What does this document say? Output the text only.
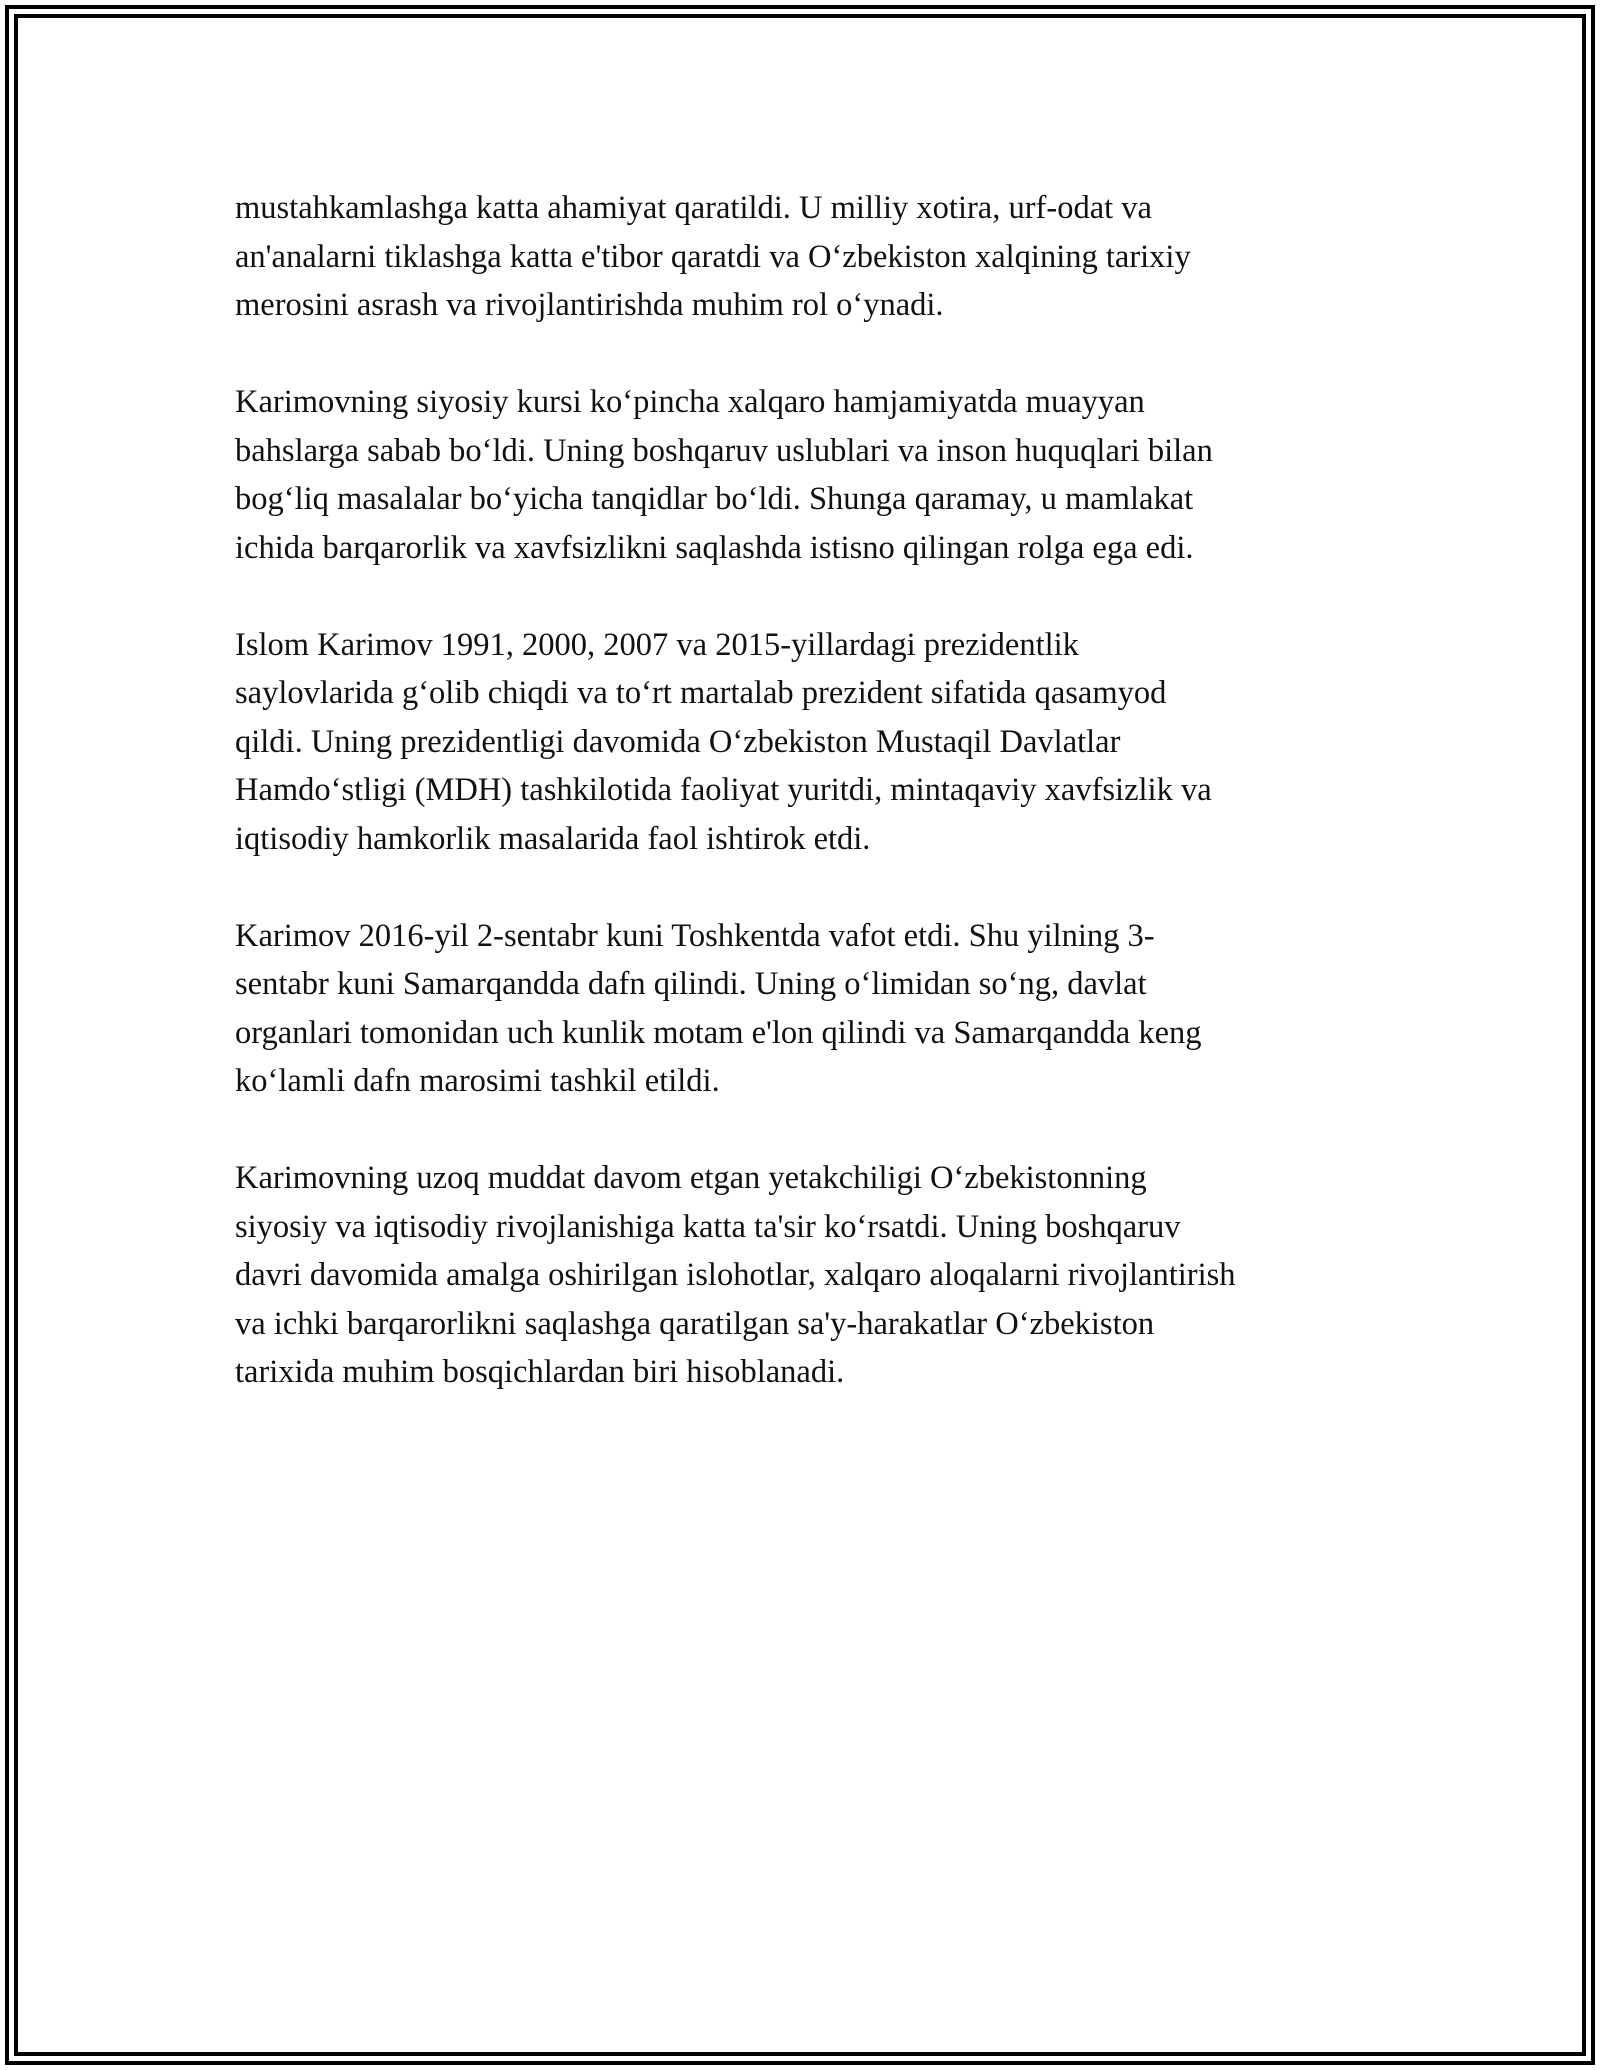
mustahkamlashga katta ahamiyat qaratildi. U milliy xotira, urf-odat va
an'analarni tiklashga katta e'tibor qaratdi va O‘zbekiston xalqining tarixiy
merosini asrash va rivojlantirishda muhim rol o‘ynadi.

Karimovning siyosiy kursi ko‘pincha xalqaro hamjamiyatda muayyan
bahslarga sabab bo‘ldi. Uning boshqaruv uslublari va inson huquqlari bilan
bog‘liq masalalar bo‘yicha tanqidlar bo‘ldi. Shunga qaramay, u mamlakat
ichida barqarorlik va xavfsizlikni saqlashda istisno qilingan rolga ega edi.

Islom Karimov 1991, 2000, 2007 va 2015-yillardagi prezidentlik
saylovlarida g‘olib chiqdi va to‘rt martalab prezident sifatida qasamyod
qildi. Uning prezidentligi davomida O‘zbekiston Mustaqil Davlatlar
Hamdo‘stligi (MDH) tashkilotida faoliyat yuritdi, mintaqaviy xavfsizlik va
iqtisodiy hamkorlik masalarida faol ishtirok etdi.

Karimov 2016-yil 2-sentabr kuni Toshkentda vafot etdi. Shu yilning 3-
sentabr kuni Samarqandda dafn qilindi. Uning o‘limidan so‘ng, davlat
organlari tomonidan uch kunlik motam e'lon qilindi va Samarqandda keng
ko‘lamli dafn marosimi tashkil etildi.

Karimovning uzoq muddat davom etgan yetakchiligi O‘zbekistonning
siyosiy va iqtisodiy rivojlanishiga katta ta'sir ko‘rsatdi. Uning boshqaruv
davri davomida amalga oshirilgan islohotlar, xalqaro aloqalarni rivojlantirish
va ichki barqarorlikni saqlashga qaratilgan sa'y-harakatlar O‘zbekiston
tarixida muhim bosqichlardan biri hisoblanadi.
